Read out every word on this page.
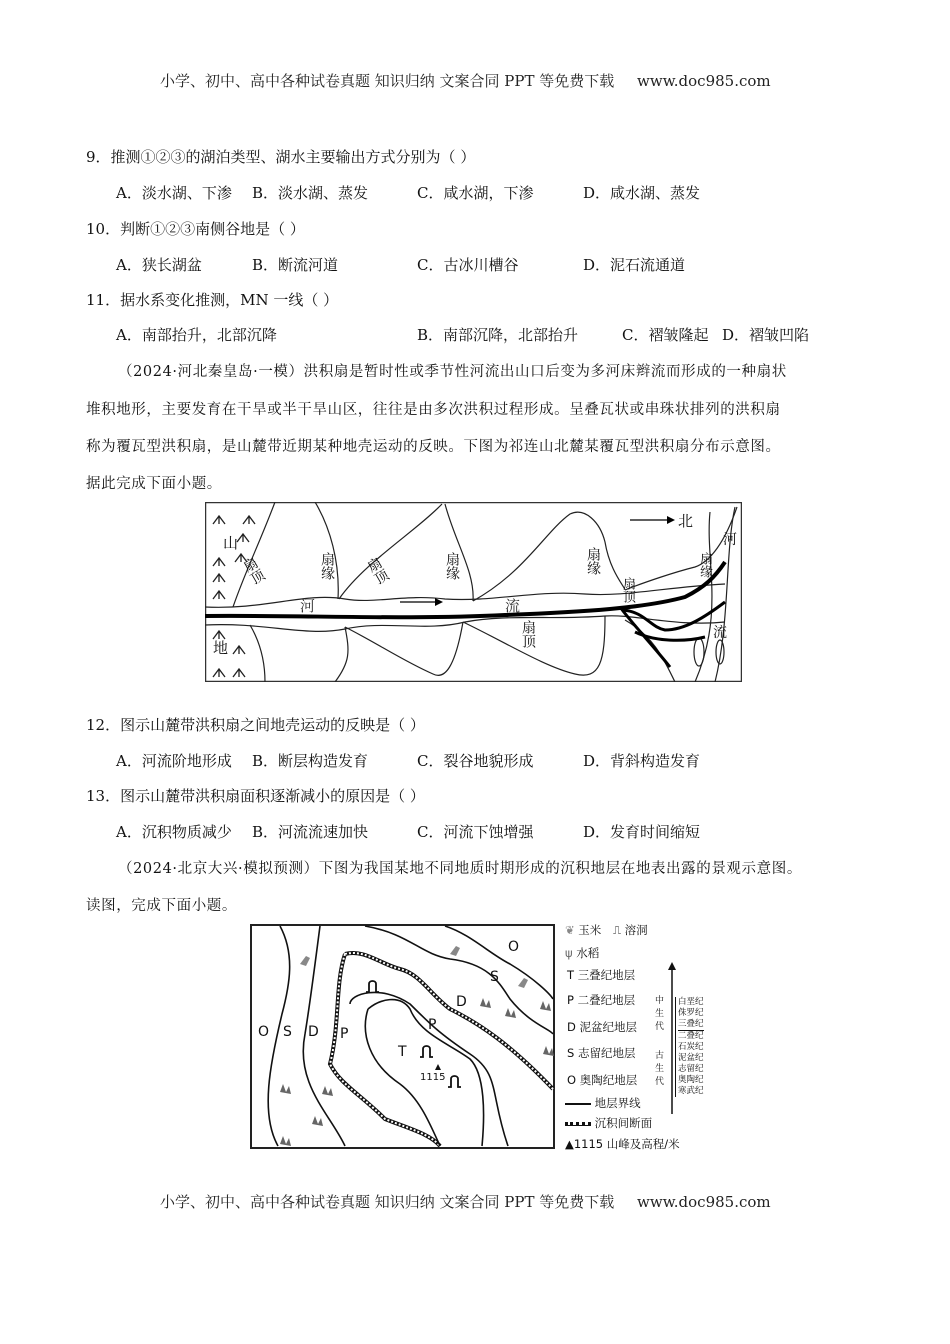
小学、初中、高中各种试卷真题 知识归纳 文案合同 PPT 等免费下载 www.doc985.com
9．推测①②③的湖泊类型、湖水主要输出方式分别为（ ）
A．淡水湖、下渗 B．淡水湖、蒸发	C．咸水湖，下渗	D．咸水湖、蒸发
10．判断①②③南侧谷地是（ ）
A．狭长湖盆	B．断流河道	C．古冰川槽谷	D．泥石流通道
11．据水系变化推测，MN 一线（ ）
A．南部抬升，北部沉降	B．南部沉降，北部抬升	C．褶皱隆起 D．褶皱凹陷
（2024·河北秦皇岛·一模）洪积扇是暂时性或季节性河流出山口后变为多河床辫流而形成的一种扇状
堆积地形，主要发育在干旱或半干旱山区，往往是由多次洪积过程形成。呈叠瓦状或串珠状排列的洪积扇
称为覆瓦型洪积扇，是山麓带近期某种地壳运动的反映。下图为祁连山北麓某覆瓦型洪积扇分布示意图。
据此完成下面小题。
北
山
地
河	流
河
流
扇顶	扇缘 扇顶	扇缘	扇缘
扇顶
扇顶
扇缘
12．图示山麓带洪积扇之间地壳运动的反映是（ ）
A．河流阶地形成 B．断层构造发育	C．裂谷地貌形成	D．背斜构造发育
13．图示山麓带洪积扇面积逐渐减小的原因是（ ）
A．沉积物质减少 B．河流流速加快	C．河流下蚀增强	D．发育时间缩短
（2024·北京大兴·模拟预测）下图为我国某地不同地质时期形成的沉积地层在地表出露的景观示意图。
读图，完成下面小题。
O S D P
T
P
D
S
O
1115
❦ 玉米 ⎍ 溶洞
ψ 水稻
T 三叠纪地层
P 二叠纪地层
D 泥盆纪地层
S 志留纪地层
O 奥陶纪地层
地层界线
沉积间断面
▲1115 山峰及高程/米
中
生
代
古
生
代
白垩纪
侏罗纪
三叠纪
二叠纪
石炭纪
泥盆纪
志留纪
奥陶纪
寒武纪
小学、初中、高中各种试卷真题 知识归纳 文案合同 PPT 等免费下载 www.doc985.com
